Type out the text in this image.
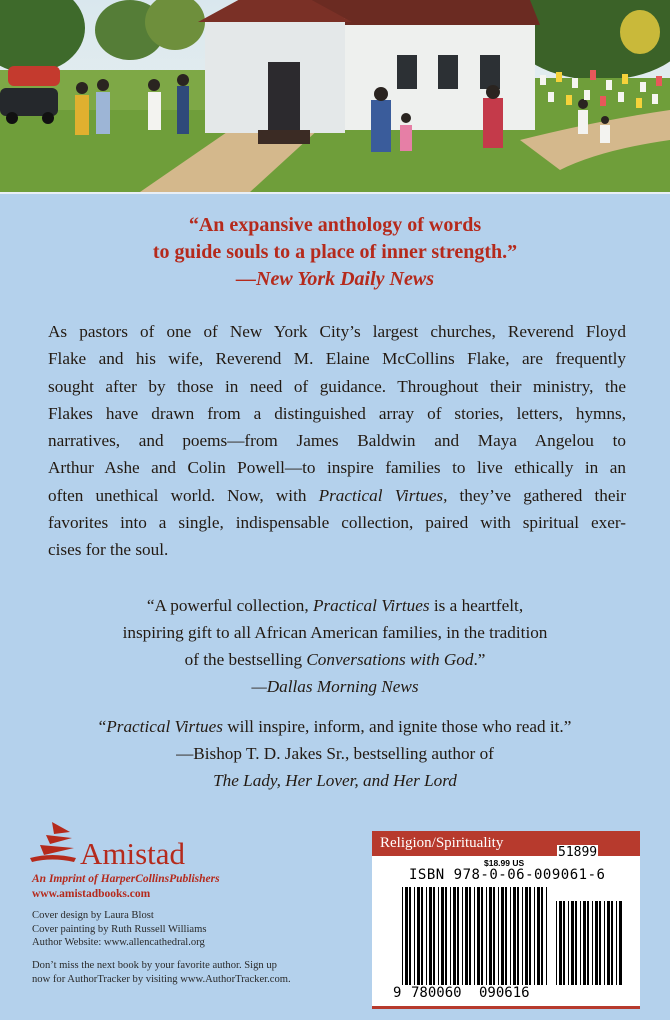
“An expansive anthology of words
to guide souls to a place of inner strength.”
—New York Daily News
As pastors of one of New York City’s largest churches, Reverend Floyd
Flake and his wife, Reverend M. Elaine McCollins Flake, are frequently
sought after by those in need of guidance. Throughout their ministry, the
Flakes have drawn from a distinguished array of stories, letters, hymns,
narratives, and poems—from James Baldwin and Maya Angelou to
Arthur Ashe and Colin Powell—to inspire families to live ethically in an
often unethical world. Now, with Practical Virtues, they’ve gathered their
favorites into a single, indispensable collection, paired with spiritual exer-
cises for the soul.
“A powerful collection, Practical Virtues is a heartfelt,
inspiring gift to all African American families, in the tradition
of the bestselling Conversations with God.”
—Dallas Morning News
“Practical Virtues will inspire, inform, and ignite those who read it.”
—Bishop T. D. Jakes Sr., bestselling author of
The Lady, Her Lover, and Her Lord
Amistad
An Imprint of HarperCollinsPublishers
www.amistadbooks.com
Cover design by Laura Blost
Cover painting by Ruth Russell Williams
Author Website: www.allencathedral.org
Don’t miss the next book by your favorite author. Sign up
now for AuthorTracker by visiting www.AuthorTracker.com.
Religion/Spirituality
$18.99 US
ISBN 978-0-06-009061-6
9 780060 090616
51899
